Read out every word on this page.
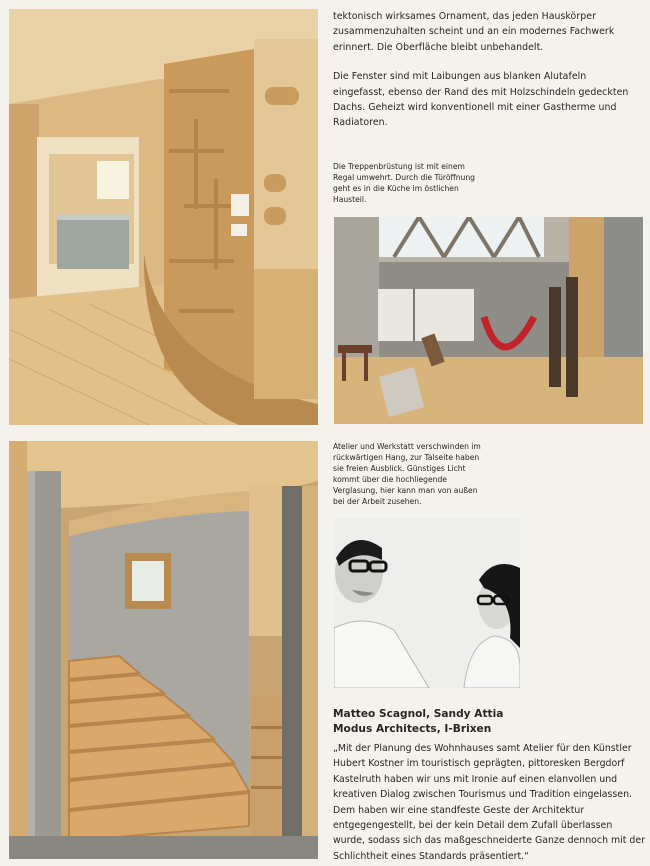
tektonisch wirksames Ornament, das jeden Hauskörper zusammenzuhalten scheint und an ein modernes Fachwerk erinnert. Die Oberfläche bleibt unbehandelt.

Die Fenster sind mit Laibungen aus blanken Alutafeln eingefasst, ebenso der Rand des mit Holzschindeln gedeckten Dachs. Geheizt wird konventionell mit einer Gastherme und Radiatoren.

Die Treppenbrüstung ist mit einem Regal umwehrt. Durch die Türöffnung geht es in die Küche im östlichen Hausteil.
Atelier und Werkstatt verschwinden im rückwärtigen Hang, zur Talseite haben sie freien Ausblick. Günstiges Licht kommt über die hochliegende Verglasung, hier kann man von außen bei der Arbeit zusehen.
Matteo Scagnol, Sandy Attia
Modus Architects, I-Brixen
„Mit der Planung des Wohnhauses samt Atelier für den Künstler Hubert Kostner im touristisch geprägten, pittoresken Bergdorf Kastelruth haben wir uns mit Ironie auf einen elanvollen und kreativen Dialog zwischen Tourismus und Tradition eingelassen. Dem haben wir eine standfeste Geste der Architektur entgegengestellt, bei der kein Detail dem Zufall überlassen wurde, sodass sich das maßgeschneiderte Ganze dennoch mit der Schlichtheit eines Standards präsentiert.“
